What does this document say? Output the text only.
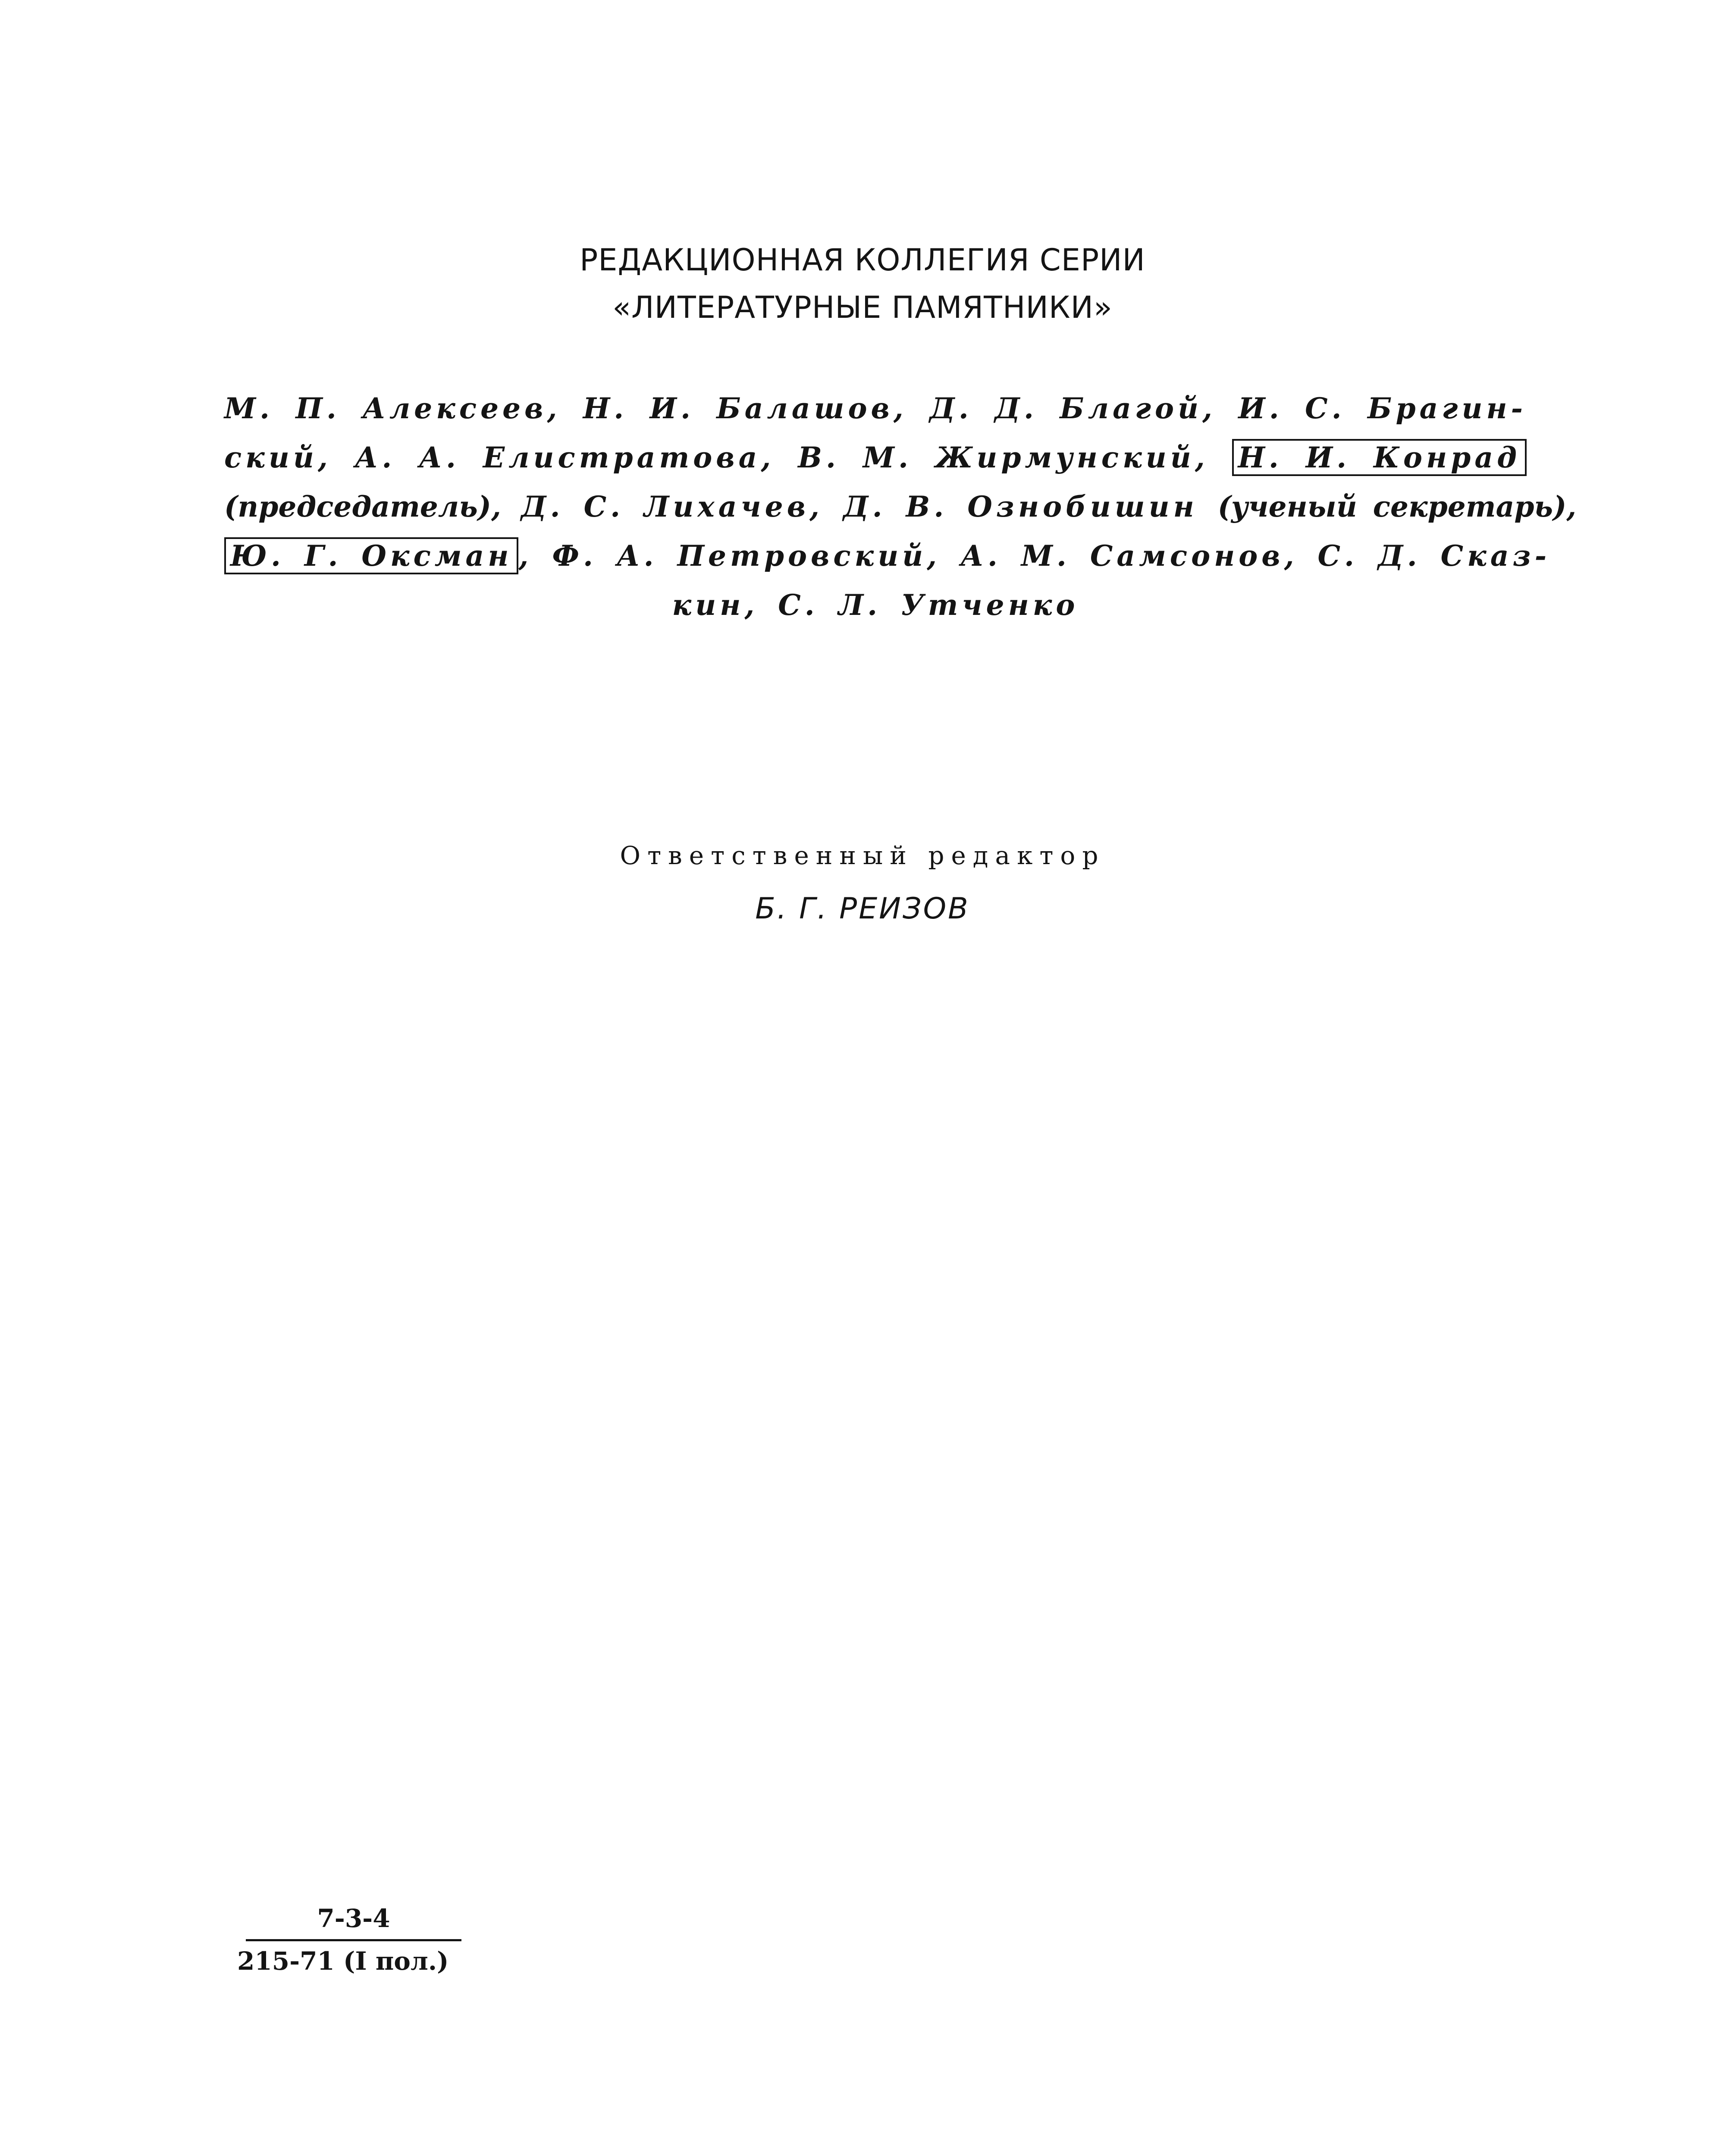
РЕДАКЦИОННАЯ КОЛЛЕГИЯ СЕРИИ
«ЛИТЕРАТУРНЫЕ ПАМЯТНИКИ»
М. П. Алексеев, Н. И. Балашов, Д. Д. Благой, И. С. Брагин-
ский, А. А. Елистратова, В. М. Жирмунский, Н. И. Конрад
(председатель), Д. С. Лихачев, Д. В. Ознобишин (ученый секретарь),
Ю. Г. Оксман , Ф. А. Петровский, А. М. Самсонов, С. Д. Сказ-
кин, С. Л. Утченко
Ответственный редактор
Б. Г. РЕИЗОВ
7-3-4
215-71 (I пол.)
